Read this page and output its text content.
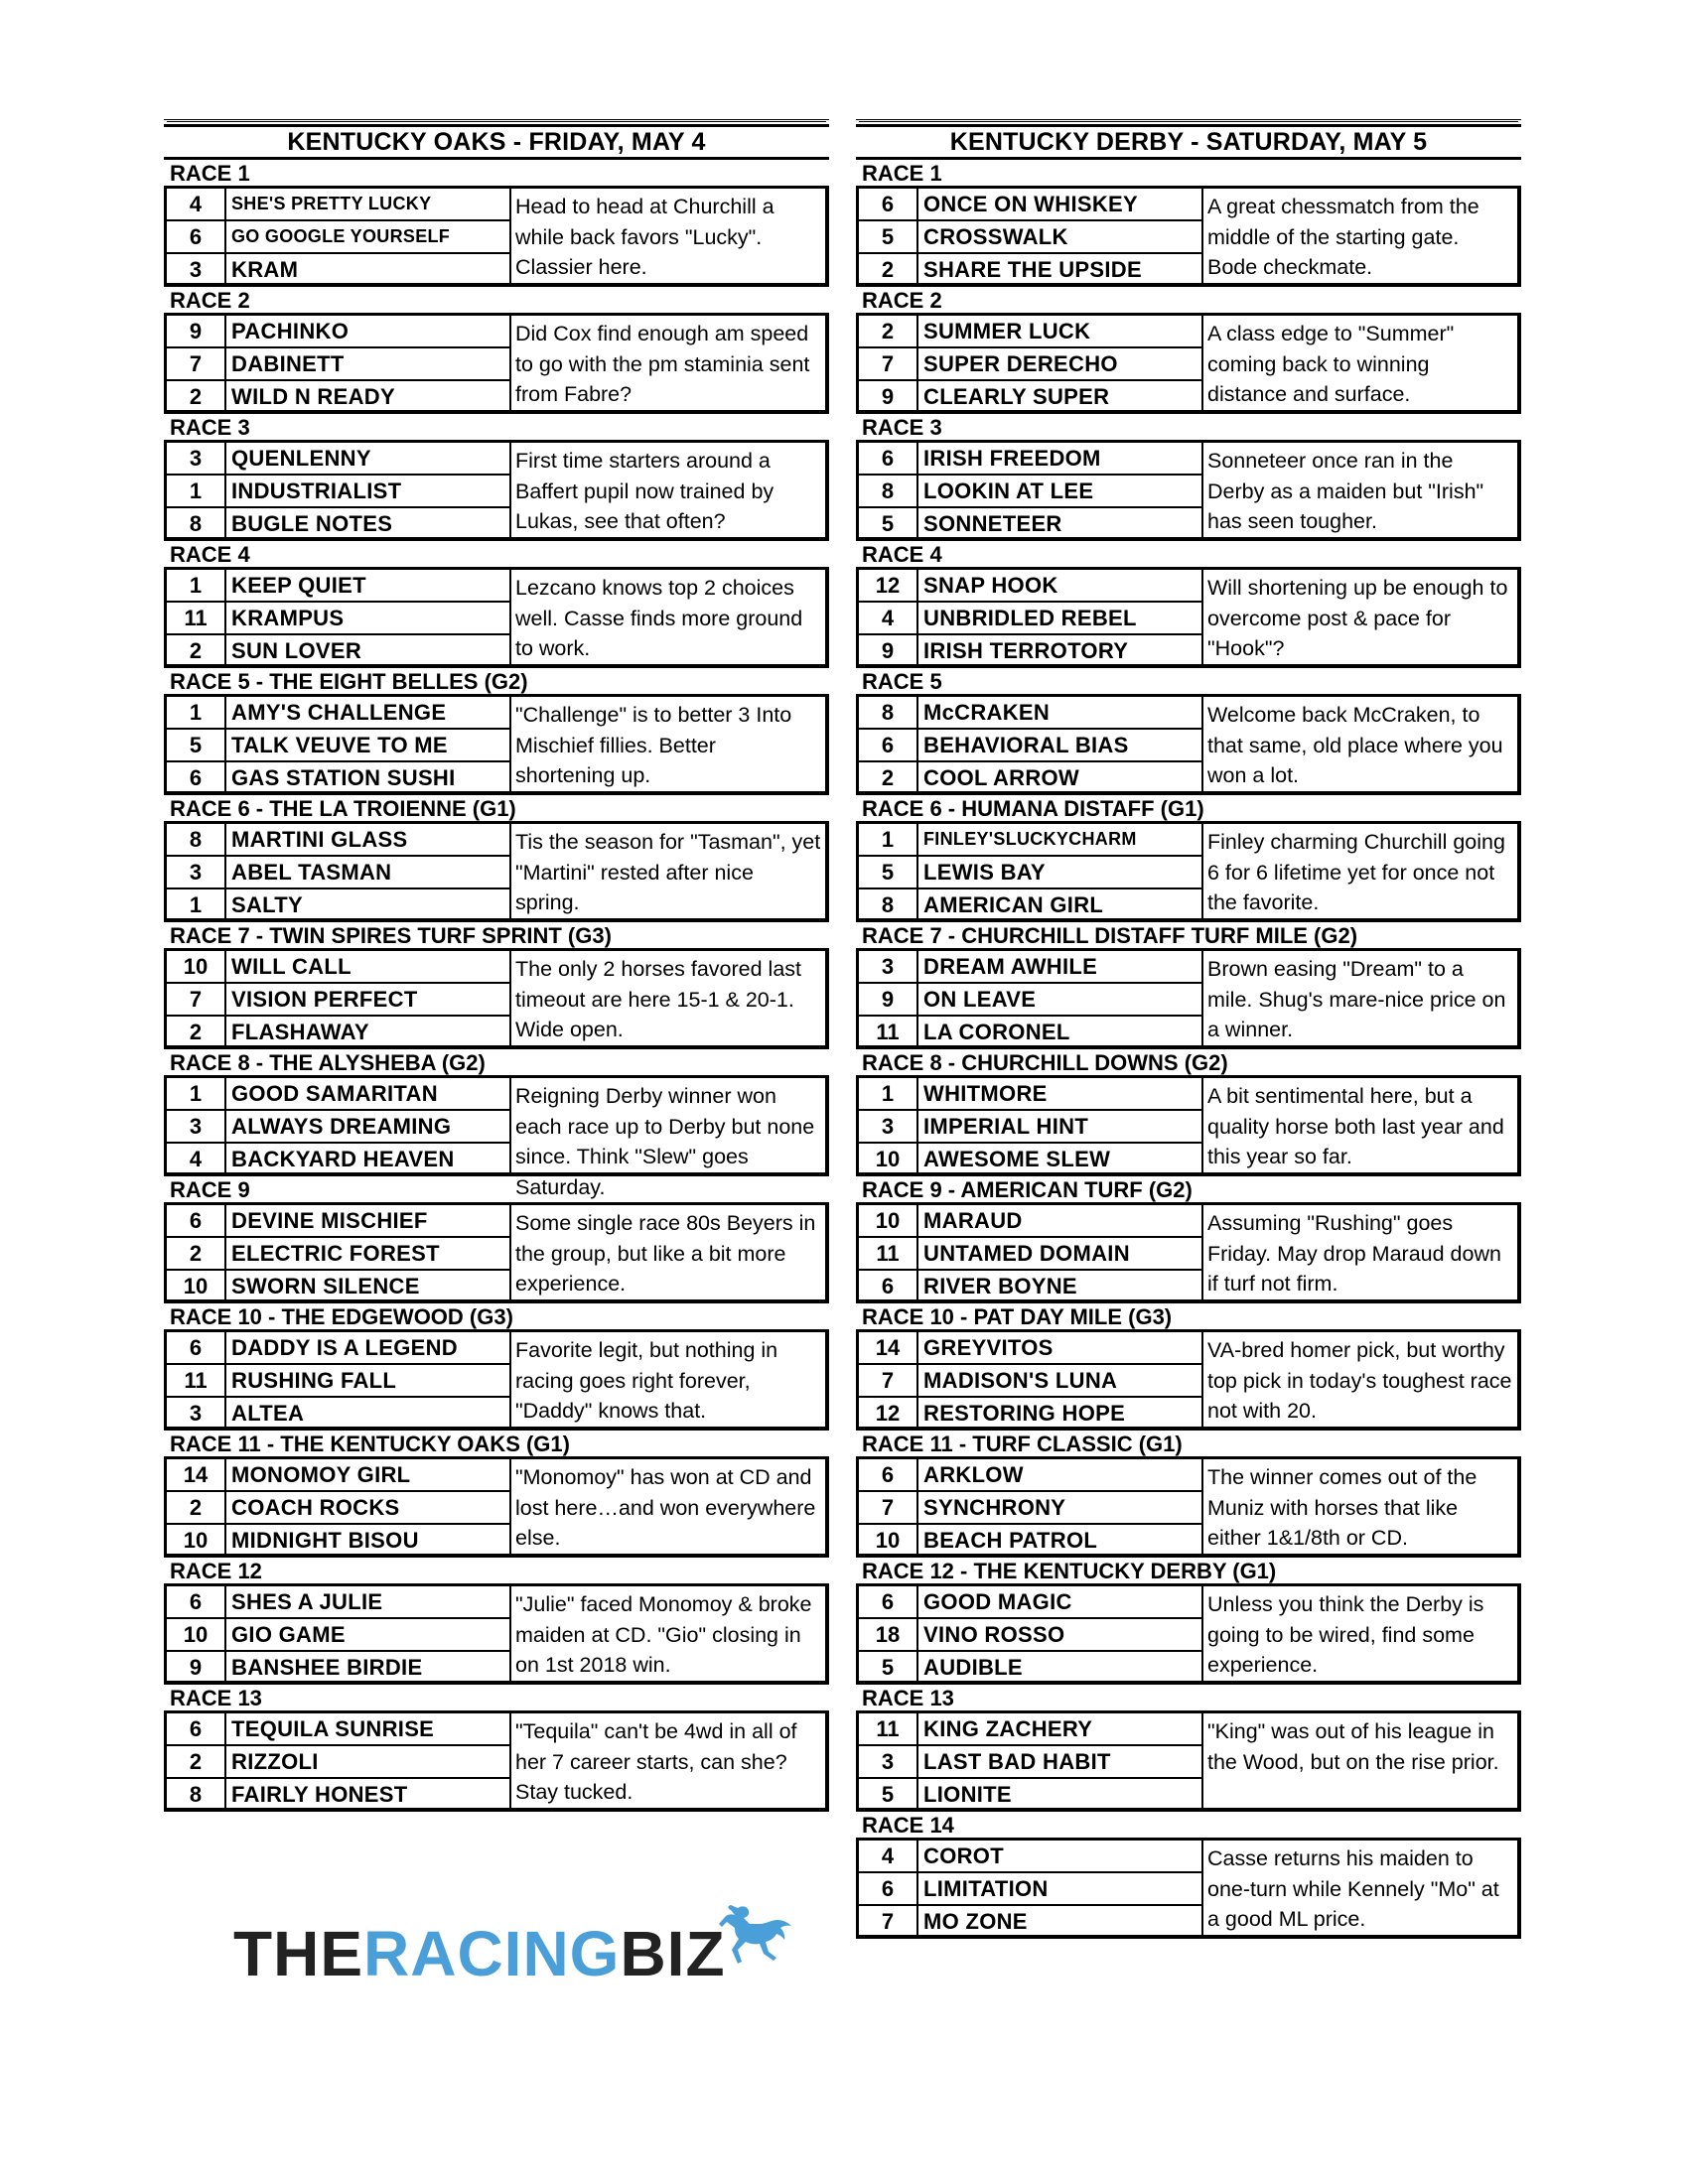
KENTUCKY OAKS - FRIDAY, MAY 4
RACE 1
4	SHE'S PRETTY LUCKY
6	GO GOOGLE YOURSELF
3	KRAM
Head to head at Churchill a while back favors "Lucky". Classier here.
RACE 2
9	PACHINKO
7	DABINETT
2	WILD N READY
Did Cox find enough am speed to go with the pm staminia sent from Fabre?
RACE 3
3	QUENLENNY
1	INDUSTRIALIST
8	BUGLE NOTES
First time starters around a Baffert pupil now trained by Lukas, see that often?
RACE 4
1	KEEP QUIET
11	KRAMPUS
2	SUN LOVER
Lezcano knows top 2 choices well. Casse finds more ground to work.
RACE 5 - THE EIGHT BELLES (G2)
1	AMY'S CHALLENGE
5	TALK VEUVE TO ME
6	GAS STATION SUSHI
"Challenge" is to better 3 Into Mischief fillies. Better shortening up.
RACE 6 - THE LA TROIENNE (G1)
8	MARTINI GLASS
3	ABEL TASMAN
1	SALTY
Tis the season for "Tasman", yet "Martini" rested after nice spring.
RACE 7 - TWIN SPIRES TURF SPRINT (G3)
10	WILL CALL
7	VISION PERFECT
2	FLASHAWAY
The only 2 horses favored last timeout are here 15-1 & 20-1. Wide open.
RACE 8 - THE ALYSHEBA (G2)
1	GOOD SAMARITAN
3	ALWAYS DREAMING
4	BACKYARD HEAVEN
Reigning Derby winner won each race up to Derby but none since. Think "Slew" goes Saturday.
RACE 9
6	DEVINE MISCHIEF
2	ELECTRIC FOREST
10	SWORN SILENCE
Some single race 80s Beyers in the group, but like a bit more experience.
RACE 10 - THE EDGEWOOD (G3)
6	DADDY IS A LEGEND
11	RUSHING FALL
3	ALTEA
Favorite legit, but nothing in racing goes right forever, "Daddy" knows that.
RACE 11 - THE KENTUCKY OAKS (G1)
14	MONOMOY GIRL
2	COACH ROCKS
10	MIDNIGHT BISOU
"Monomoy" has won at CD and lost here…and won everywhere else.
RACE 12
6	SHES A JULIE
10	GIO GAME
9	BANSHEE BIRDIE
"Julie" faced Monomoy & broke maiden at CD. "Gio" closing in on 1st 2018 win.
RACE 13
6	TEQUILA SUNRISE
2	RIZZOLI
8	FAIRLY HONEST
"Tequila" can't be 4wd in all of her 7 career starts, can she? Stay tucked.
KENTUCKY DERBY - SATURDAY, MAY 5
RACE 1
6	ONCE ON WHISKEY
5	CROSSWALK
2	SHARE THE UPSIDE
A great chessmatch from the middle of the starting gate. Bode checkmate.
RACE 2
2	SUMMER LUCK
7	SUPER DERECHO
9	CLEARLY SUPER
A class edge to "Summer" coming back to winning distance and surface.
RACE 3
6	IRISH FREEDOM
8	LOOKIN AT LEE
5	SONNETEER
Sonneteer once ran in the Derby as a maiden but "Irish" has seen tougher.
RACE 4
12	SNAP HOOK
4	UNBRIDLED REBEL
9	IRISH TERROTORY
Will shortening up be enough to overcome post & pace for "Hook"?
RACE 5
8	McCRAKEN
6	BEHAVIORAL BIAS
2	COOL ARROW
Welcome back McCraken, to that same, old place where you won a lot.
RACE 6 - HUMANA DISTAFF (G1)
1	FINLEY'SLUCKYCHARM
5	LEWIS BAY
8	AMERICAN GIRL
Finley charming Churchill going 6 for 6 lifetime yet for once not the favorite.
RACE 7 - CHURCHILL DISTAFF TURF MILE (G2)
3	DREAM AWHILE
9	ON LEAVE
11	LA CORONEL
Brown easing "Dream" to a mile. Shug's mare-nice price on a winner.
RACE 8 - CHURCHILL DOWNS (G2)
1	WHITMORE
3	IMPERIAL HINT
10	AWESOME SLEW
A bit sentimental here, but a quality horse both last year and this year so far.
RACE 9 - AMERICAN TURF (G2)
10	MARAUD
11	UNTAMED DOMAIN
6	RIVER BOYNE
Assuming "Rushing" goes Friday. May drop Maraud down if turf not firm.
RACE 10 - PAT DAY MILE (G3)
14	GREYVITOS
7	MADISON'S LUNA
12	RESTORING HOPE
VA-bred homer pick, but worthy top pick in today's toughest race not with 20.
RACE 11 - TURF CLASSIC (G1)
6	ARKLOW
7	SYNCHRONY
10	BEACH PATROL
The winner comes out of the Muniz with horses that like either 1&1/8th or CD.
RACE 12 - THE KENTUCKY DERBY (G1)
6	GOOD MAGIC
18	VINO ROSSO
5	AUDIBLE
Unless you think the Derby is going to be wired, find some experience.
RACE 13
11	KING ZACHERY
3	LAST BAD HABIT
5	LIONITE
"King" was out of his league in the Wood, but on the rise prior.
RACE 14
4	COROT
6	LIMITATION
7	MO ZONE
Casse returns his maiden to one-turn while Kennely "Mo" at a good ML price.
THE RACING BIZ
